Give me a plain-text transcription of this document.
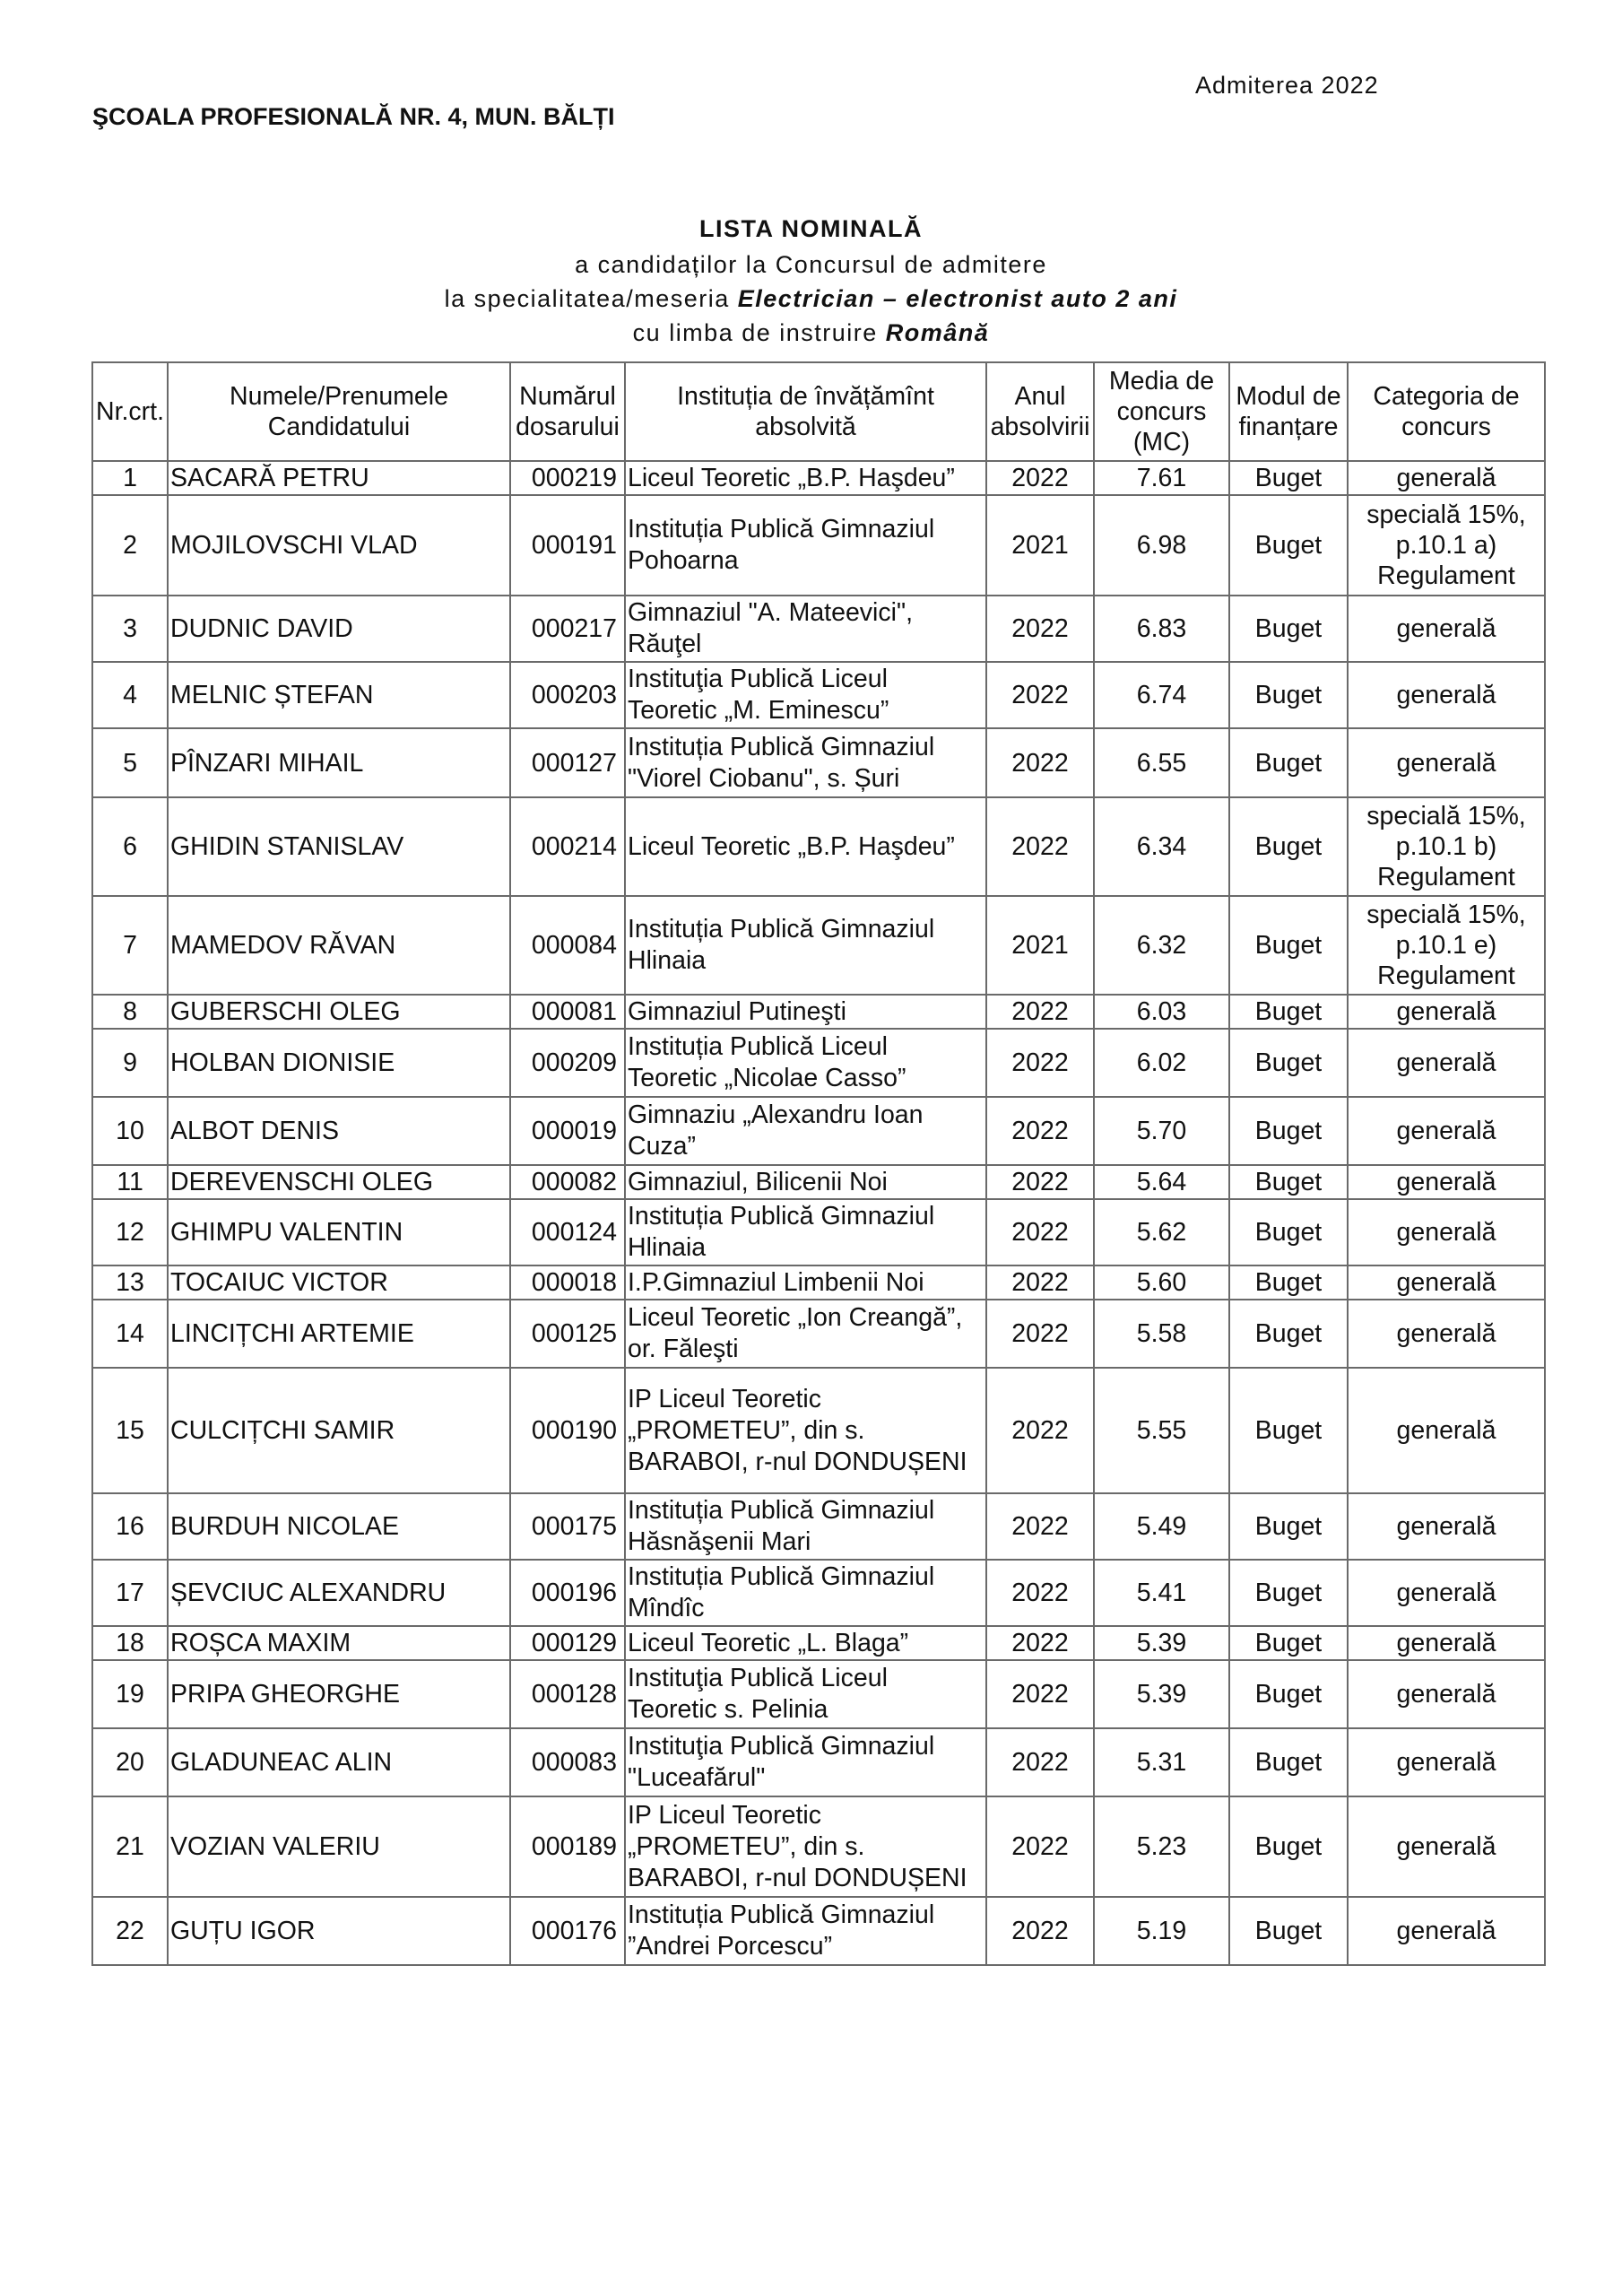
Admiterea 2022
ŞCOALA PROFESIONALĂ NR. 4, MUN. BĂLȚI
LISTA NOMINALĂ
a candidaților la Concursul de admitere
la specialitatea/meseria Electrician – electronist auto 2 ani
cu limba de instruire Română
Nr.crt.	Numele/Prenumele Candidatului	Numărul dosarului	Instituția de învățămînt absolvită	Anul absolvirii	Media de concurs (MC)	Modul de finanțare	Categoria de concurs
1	SACARĂ PETRU	000219	Liceul Teoretic „B.P. Haşdeu”	2022	7.61	Buget	generală
2	MOJILOVSCHI VLAD	000191	Instituția Publică Gimnaziul Pohoarna	2021	6.98	Buget	specială 15%, p.10.1 a) Regulament
3	DUDNIC DAVID	000217	Gimnaziul "A. Mateevici", Răuţel	2022	6.83	Buget	generală
4	MELNIC ȘTEFAN	000203	Instituţia Publică Liceul Teoretic „M. Eminescu”	2022	6.74	Buget	generală
5	PÎNZARI MIHAIL	000127	Instituția Publică Gimnaziul "Viorel Ciobanu", s. Șuri	2022	6.55	Buget	generală
6	GHIDIN STANISLAV	000214	Liceul Teoretic „B.P. Haşdeu”	2022	6.34	Buget	specială 15%, p.10.1 b) Regulament
7	MAMEDOV RĂVAN	000084	Instituția Publică Gimnaziul Hlinaia	2021	6.32	Buget	specială 15%, p.10.1 e) Regulament
8	GUBERSCHI OLEG	000081	Gimnaziul Putineşti	2022	6.03	Buget	generală
9	HOLBAN DIONISIE	000209	Instituția Publică Liceul Teoretic „Nicolae Casso”	2022	6.02	Buget	generală
10	ALBOT DENIS	000019	Gimnaziu „Alexandru Ioan Cuza”	2022	5.70	Buget	generală
11	DEREVENSCHI OLEG	000082	Gimnaziul, Bilicenii Noi	2022	5.64	Buget	generală
12	GHIMPU VALENTIN	000124	Instituția Publică Gimnaziul Hlinaia	2022	5.62	Buget	generală
13	TOCAIUC VICTOR	000018	I.P.Gimnaziul Limbenii Noi	2022	5.60	Buget	generală
14	LINCIȚCHI ARTEMIE	000125	Liceul Teoretic „Ion Creangă”, or. Făleşti	2022	5.58	Buget	generală
15	CULCIȚCHI SAMIR	000190	IP Liceul Teoretic „PROMETEU”, din s. BARABOI, r-nul DONDUȘENI	2022	5.55	Buget	generală
16	BURDUH NICOLAE	000175	Instituția Publică Gimnaziul Hăsnăşenii Mari	2022	5.49	Buget	generală
17	ȘEVCIUC ALEXANDRU	000196	Instituția Publică Gimnaziul Mîndîc	2022	5.41	Buget	generală
18	ROȘCA MAXIM	000129	Liceul Teoretic „L. Blaga”	2022	5.39	Buget	generală
19	PRIPA GHEORGHE	000128	Instituţia Publică Liceul Teoretic s. Pelinia	2022	5.39	Buget	generală
20	GLADUNEAC ALIN	000083	Instituţia Publică Gimnaziul "Luceafărul"	2022	5.31	Buget	generală
21	VOZIAN VALERIU	000189	IP Liceul Teoretic „PROMETEU”, din s. BARABOI, r-nul DONDUȘENI	2022	5.23	Buget	generală
22	GUȚU IGOR	000176	Instituția Publică Gimnaziul ”Andrei Porcescu”	2022	5.19	Buget	generală
